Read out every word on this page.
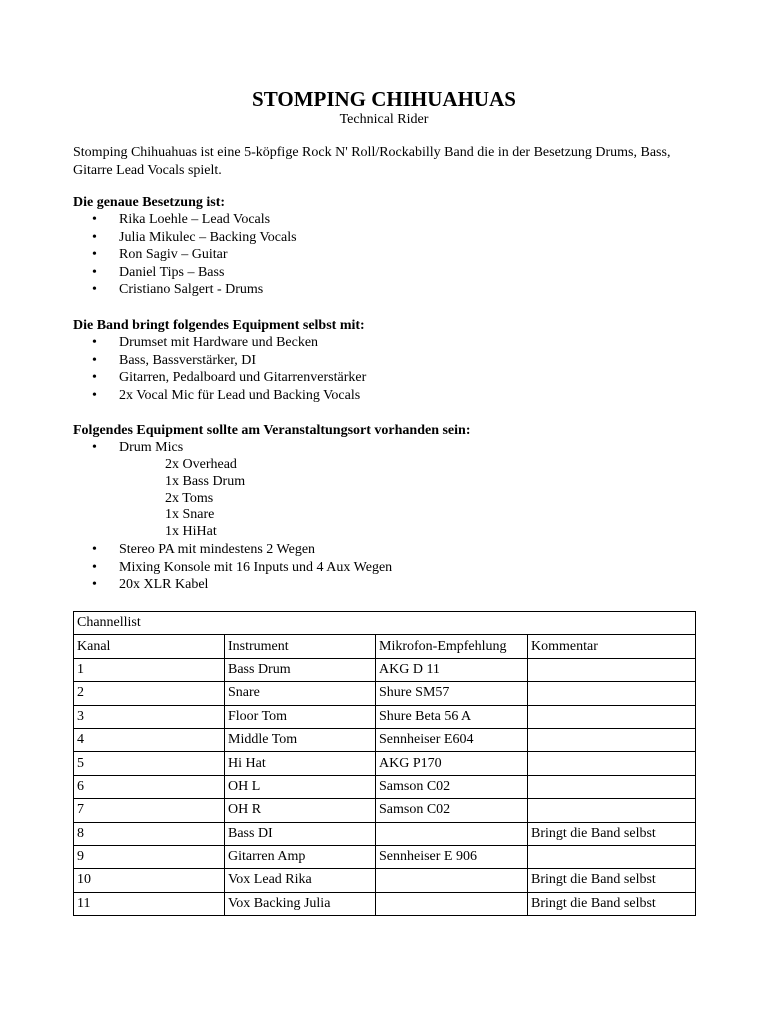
STOMPING CHIHUAHUAS
Technical Rider
Stomping Chihuahuas ist eine 5-köpfige Rock N' Roll/Rockabilly Band die in der Besetzung Drums, Bass, Gitarre Lead Vocals spielt.
Die genaue Besetzung ist:
• Rika Loehle – Lead Vocals
• Julia Mikulec – Backing Vocals
• Ron Sagiv – Guitar
• Daniel Tips – Bass
• Cristiano Salgert - Drums
Die Band bringt folgendes Equipment selbst mit:
• Drumset mit Hardware und Becken
• Bass, Bassverstärker, DI
• Gitarren, Pedalboard und Gitarrenverstärker
• 2x Vocal Mic für Lead und Backing Vocals
Folgendes Equipment sollte am Veranstaltungsort vorhanden sein:
• Drum Mics
2x Overhead
1x Bass Drum
2x Toms
1x Snare
1x HiHat
• Stereo PA mit mindestens 2 Wegen
• Mixing Konsole mit 16 Inputs und 4 Aux Wegen
• 20x XLR Kabel
Channellist			
Kanal	Instrument	Mikrofon-Empfehlung	Kommentar
1	Bass Drum	AKG D 11	
2	Snare	Shure SM57	
3	Floor Tom	Shure Beta 56 A	
4	Middle Tom	Sennheiser E604	
5	Hi Hat	AKG P170	
6	OH L	Samson C02	
7	OH R	Samson C02	
8	Bass DI		Bringt die Band selbst
9	Gitarren Amp	Sennheiser E 906	
10	Vox Lead Rika		Bringt die Band selbst
11	Vox Backing Julia		Bringt die Band selbst
